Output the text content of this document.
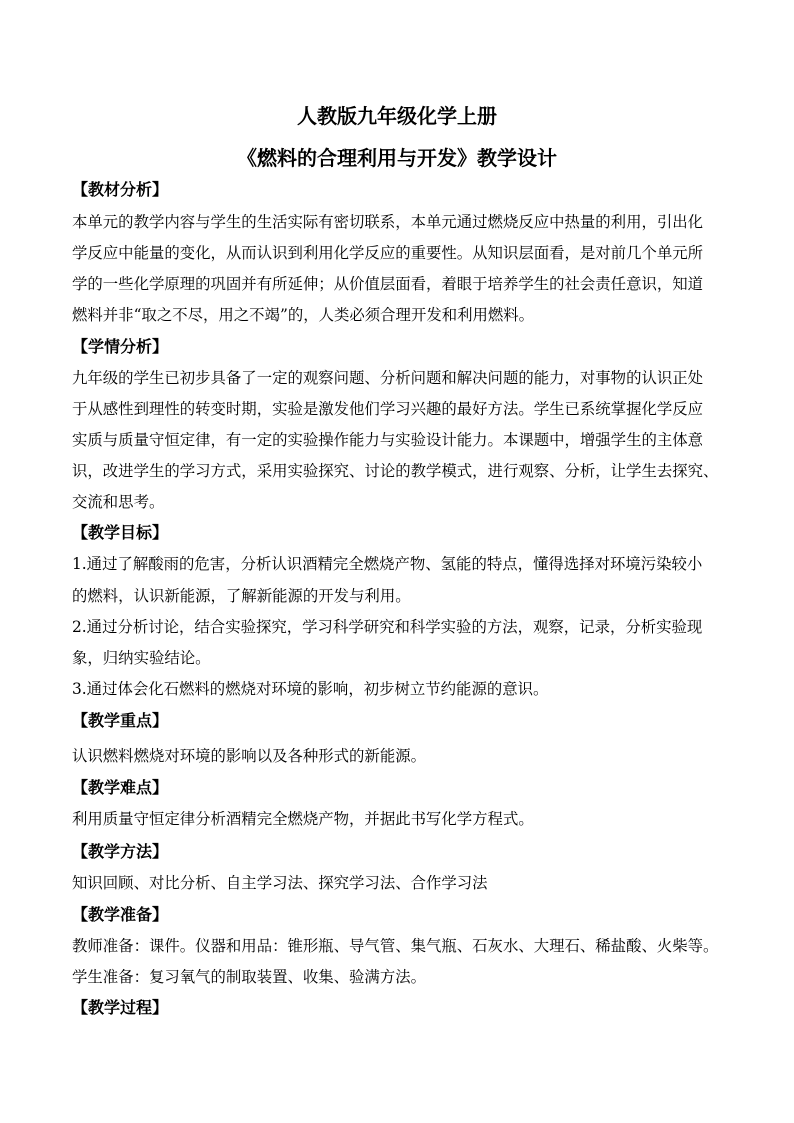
人教版九年级化学上册
《燃料的合理利用与开发》教学设计
【教材分析】
本单元的教学内容与学生的生活实际有密切联系，本单元通过燃烧反应中热量的利用，引出化
学反应中能量的变化，从而认识到利用化学反应的重要性。从知识层面看，是对前几个单元所
学的一些化学原理的巩固并有所延伸；从价值层面看，着眼于培养学生的社会责任意识，知道
燃料并非“取之不尽，用之不竭”的，人类必须合理开发和利用燃料。
【学情分析】
九年级的学生已初步具备了一定的观察问题、分析问题和解决问题的能力，对事物的认识正处
于从感性到理性的转变时期，实验是激发他们学习兴趣的最好方法。学生已系统掌握化学反应
实质与质量守恒定律，有一定的实验操作能力与实验设计能力。本课题中，增强学生的主体意
识，改进学生的学习方式，采用实验探究、讨论的教学模式，进行观察、分析，让学生去探究、
交流和思考。
【教学目标】
1.通过了解酸雨的危害，分析认识酒精完全燃烧产物、氢能的特点，懂得选择对环境污染较小
的燃料，认识新能源，了解新能源的开发与利用。
2.通过分析讨论，结合实验探究，学习科学研究和科学实验的方法，观察，记录，分析实验现
象，归纳实验结论。
3.通过体会化石燃料的燃烧对环境的影响，初步树立节约能源的意识。
【教学重点】
认识燃料燃烧对环境的影响以及各种形式的新能源。
【教学难点】
利用质量守恒定律分析酒精完全燃烧产物，并据此书写化学方程式。
【教学方法】
知识回顾、对比分析、自主学习法、探究学习法、合作学习法
【教学准备】
教师准备：课件。仪器和用品：锥形瓶、导气管、集气瓶、石灰水、大理石、稀盐酸、火柴等。
学生准备：复习氧气的制取装置、收集、验满方法。
【教学过程】
